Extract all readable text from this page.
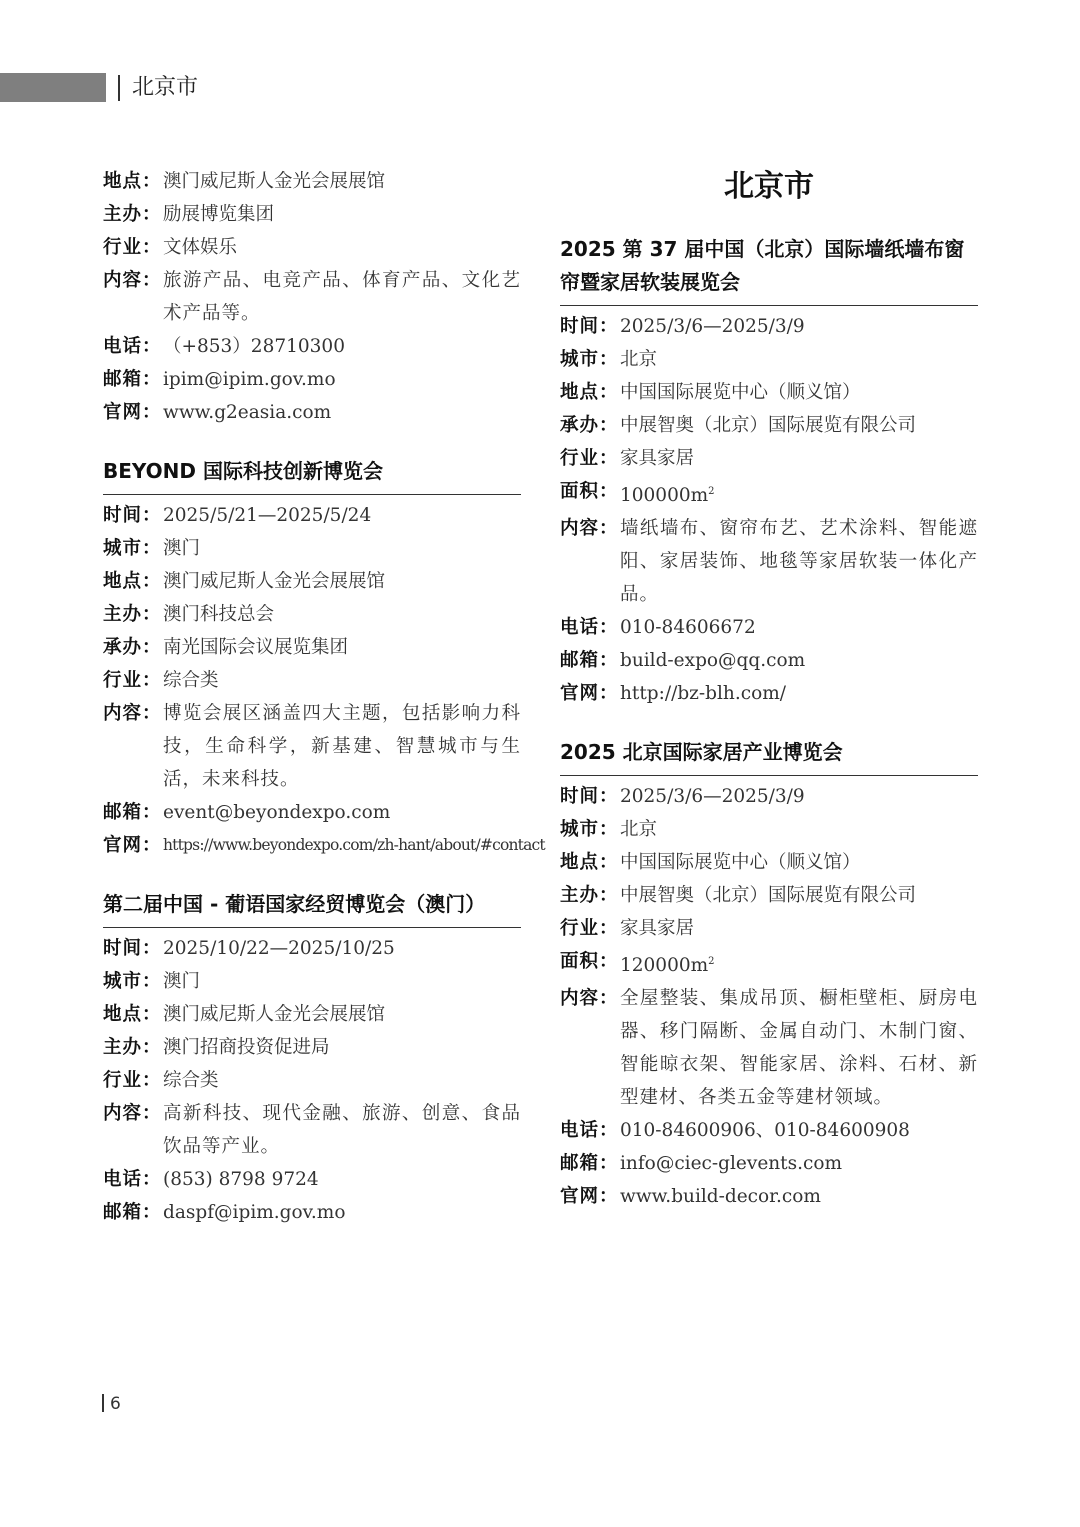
北京市
地点： 澳门威尼斯人金光会展展馆
主办： 励展博览集团
行业： 文体娱乐
内容： 旅游产品、电竞产品、体育产品、文化艺术产品等。
电话： （+853）28710300
邮箱： ipim@ipim.gov.mo
官网： www.g2easia.com
BEYOND 国际科技创新博览会
时间： 2025/5/21—2025/5/24
城市： 澳门
地点： 澳门威尼斯人金光会展展馆
主办： 澳门科技总会
承办： 南光国际会议展览集团
行业： 综合类
内容： 博览会展区涵盖四大主题，包括影响力科技，生命科学，新基建、智慧城市与生活，未来科技。
邮箱： event@beyondexpo.com
官网： https://www.beyondexpo.com/zh-hant/about/#contact
第二届中国 - 葡语国家经贸博览会（澳门）
时间： 2025/10/22—2025/10/25
城市： 澳门
地点： 澳门威尼斯人金光会展展馆
主办： 澳门招商投资促进局
行业： 综合类
内容： 高新科技、现代金融、旅游、创意、食品饮品等产业。
电话： (853) 8798 9724
邮箱： daspf@ipim.gov.mo
北京市
2025 第 37 届中国（北京）国际墙纸墙布窗帘暨家居软装展览会
时间： 2025/3/6—2025/3/9
城市： 北京
地点： 中国国际展览中心（顺义馆）
承办： 中展智奥（北京）国际展览有限公司
行业： 家具家居
面积： $100000m^2$
内容： 墙纸墙布、窗帘布艺、艺术涂料、智能遮阳、家居装饰、地毯等家居软装一体化产品。
电话： 010-84606672
邮箱： build-expo@qq.com
官网： http://bz-blh.com/
2025 北京国际家居产业博览会
时间： 2025/3/6—2025/3/9
城市： 北京
地点： 中国国际展览中心（顺义馆）
主办： 中展智奥（北京）国际展览有限公司
行业： 家具家居
面积： $120000m^2$
内容： 全屋整装、集成吊顶、橱柜壁柜、厨房电器、移门隔断、金属自动门、木制门窗、智能晾衣架、智能家居、涂料、石材、新型建材、各类五金等建材领域。
电话： 010-84600906、010-84600908
邮箱： info@ciec-glevents.com
官网： www.build-decor.com
6
